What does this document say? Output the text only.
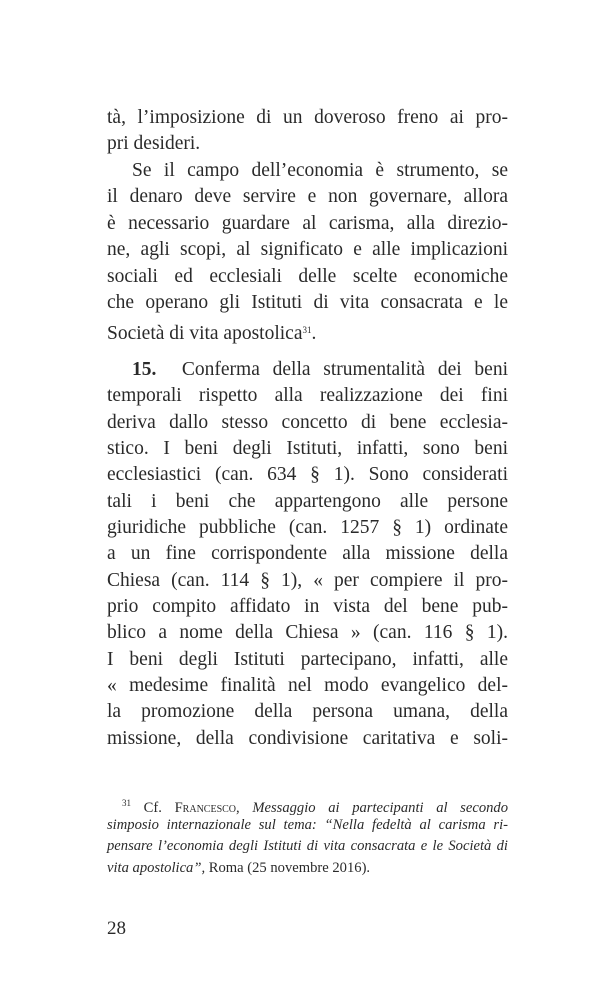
tà, l’imposizione di un doveroso freno ai pro-
pri desideri.
Se il campo dell’economia è strumento, se
il denaro deve servire e non governare, allora
è necessario guardare al carisma, alla direzio-
ne, agli scopi, al significato e alle implicazioni
sociali ed ecclesiali delle scelte economiche
che operano gli Istituti di vita consacrata e le
Società di vita apostolica$^{31}$.
15. Conferma della strumentalità dei beni
temporali rispetto alla realizzazione dei fini
deriva dallo stesso concetto di bene ecclesia-
stico. I beni degli Istituti, infatti, sono beni
ecclesiastici (can. 634 § 1). Sono considerati
tali i beni che appartengono alle persone
giuridiche pubbliche (can. 1257 § 1) ordinate
a un fine corrispondente alla missione della
Chiesa (can. 114 § 1), « per compiere il pro-
prio compito affidato in vista del bene pub-
blico a nome della Chiesa » (can. 116 § 1).
I beni degli Istituti partecipano, infatti, alle
« medesime finalità nel modo evangelico del-
la promozione della persona umana, della
missione, della condivisione caritativa e soli-
$^{31}$ Cf. Francesco, Messaggio ai partecipanti al secondo
simposio internazionale sul tema: “Nella fedeltà al carisma ri-
pensare l’economia degli Istituti di vita consacrata e le Società di
vita apostolica”, Roma (25 novembre 2016).
28
